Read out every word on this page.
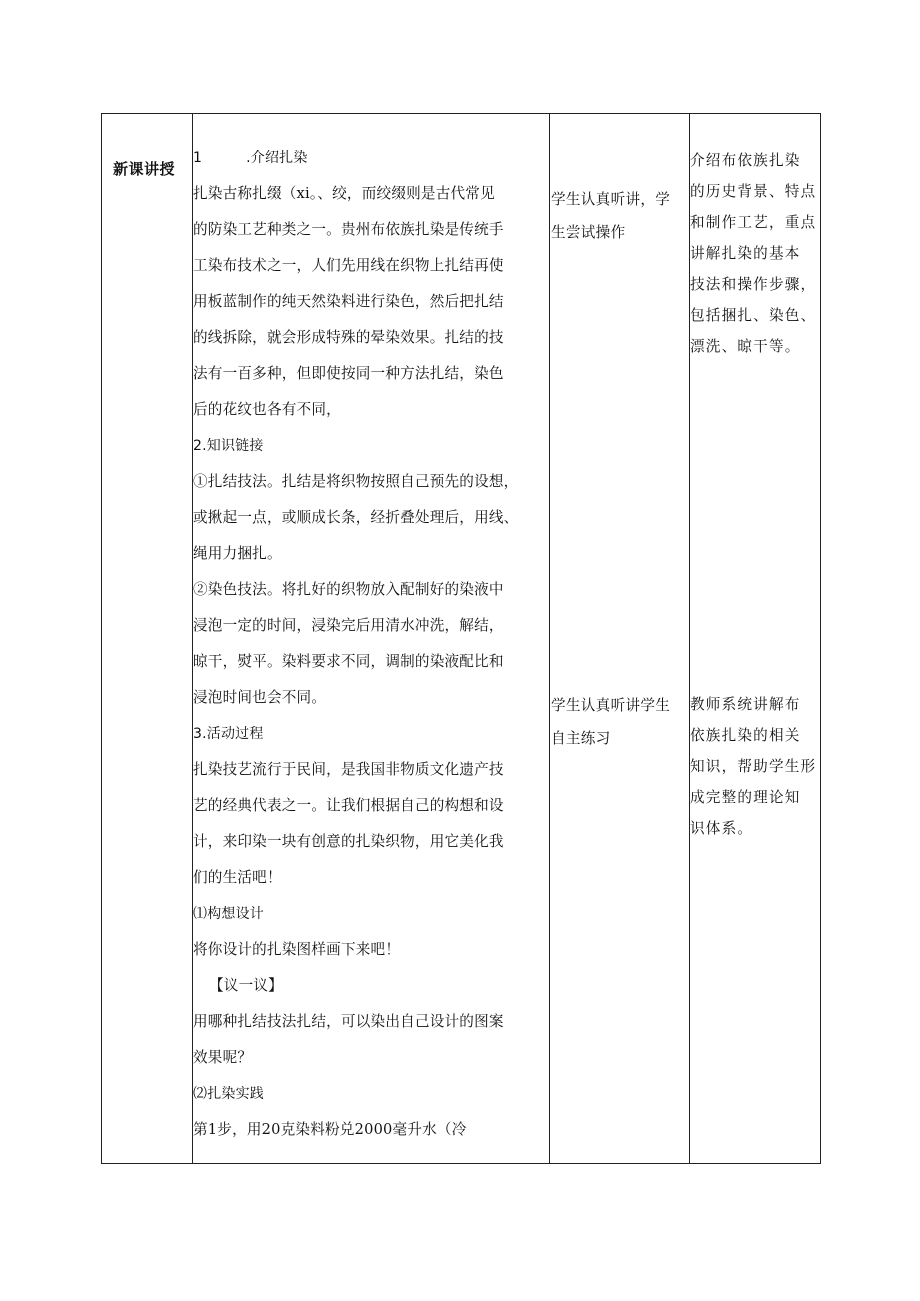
新课讲授
1	.介绍扎染
扎染古称扎缀（xi。、绞，而绞缀则是古代常见
的防染工艺种类之一。贵州布依族扎染是传统手
工染布技术之一，人们先用线在织物上扎结再使
用板蓝制作的纯天然染料进行染色，然后把扎结
的线拆除，就会形成特殊的晕染效果。扎结的技
法有一百多种，但即使按同一种方法扎结，染色
后的花纹也各有不同，
2.知识链接
①扎结技法。扎结是将织物按照自己预先的设想，
或揪起一点，或顺成长条，经折叠处理后，用线、
绳用力捆扎。
②染色技法。将扎好的织物放入配制好的染液中
浸泡一定的时间，浸染完后用清水冲洗，解结，
晾干，熨平。染料要求不同，调制的染液配比和
浸泡时间也会不同。
3.活动过程
扎染技艺流行于民间，是我国非物质文化遗产技
艺的经典代表之一。让我们根据自己的构想和设
计，来印染一块有创意的扎染织物，用它美化我
们的生活吧！
⑴构想设计
将你设计的扎染图样画下来吧！
【议一议】
用哪种扎结技法扎结，可以染出自己设计的图案
效果呢？
⑵扎染实践
第1步，用20克染料粉兑2000毫升水（冷
学生认真听讲，学
生尝试操作
学生认真听讲学生
自主练习
介绍布依族扎染
的历史背景、特点
和制作工艺，重点
讲解扎染的基本
技法和操作步骤，
包括捆扎、染色、
漂洗、晾干等。
教师系统讲解布
依族扎染的相关
知识，帮助学生形
成完整的理论知
识体系。
